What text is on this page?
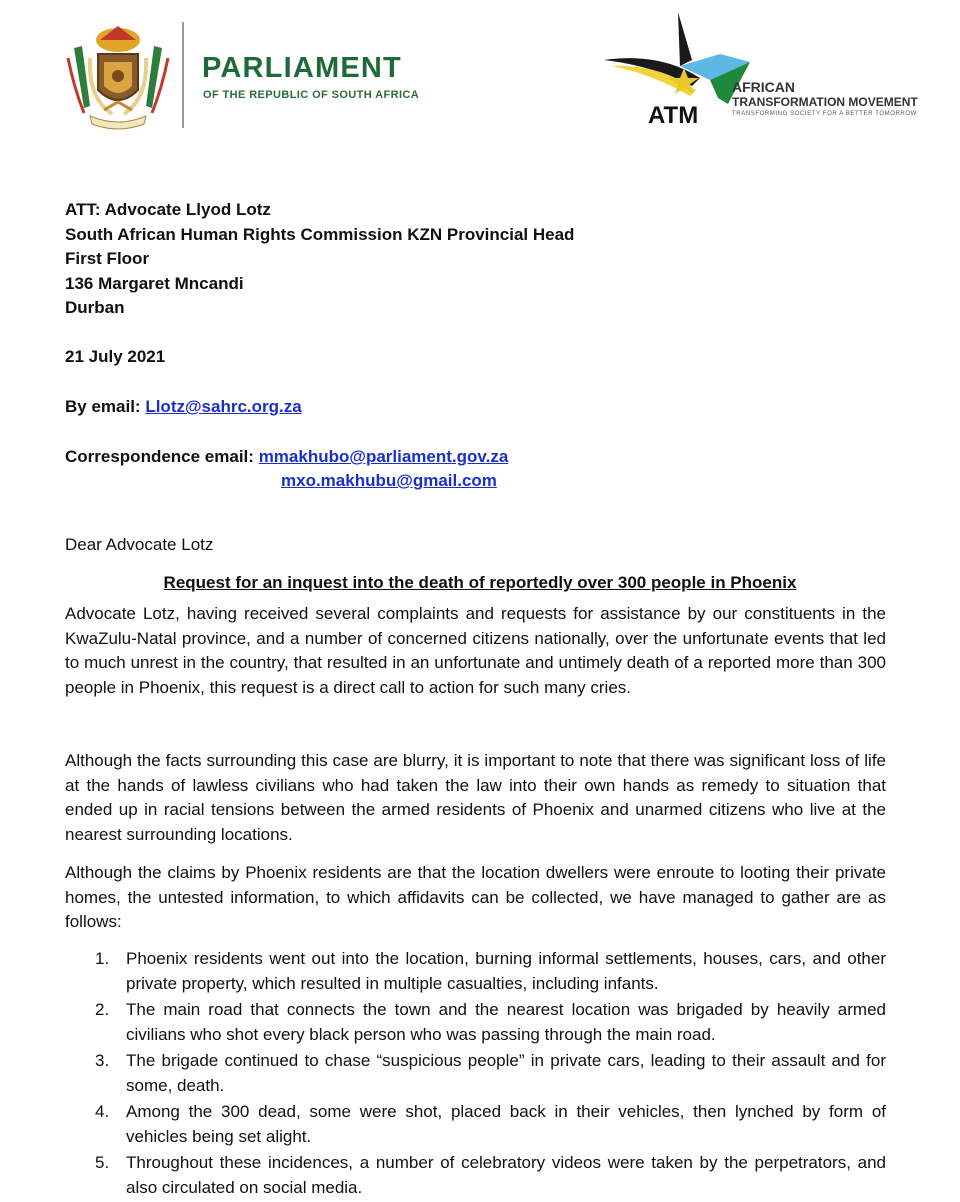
PARLIAMENT

OF THE REPUBLIC OF SOUTH AFRICA

ATM

AFRICAN

TRANSFORMATION MOVEMENT

TRANSFORMING SOCIETY FOR A BETTER TOMORROW

ATT: Advocate Llyod Lotz
South African Human Rights Commission KZN Provincial Head
First Floor
136 Margaret Mncandi
Durban
21 July 2021
By email: Llotz@sahrc.org.za
Correspondence email: mmakhubo@parliament.gov.za
mxo.makhubu@gmail.com
Dear Advocate Lotz
Request for an inquest into the death of reportedly over 300 people in Phoenix

Advocate Lotz, having received several complaints and requests for assistance by our constituents in the KwaZulu-Natal province, and a number of concerned citizens nationally, over the unfortunate events that led to much unrest in the country, that resulted in an unfortunate and untimely death of a reported more than 300 people in Phoenix, this request is a direct call to action for such many cries.

Although the facts surrounding this case are blurry, it is important to note that there was significant loss of life at the hands of lawless civilians who had taken the law into their own hands as remedy to situation that ended up in racial tensions between the armed residents of Phoenix and unarmed citizens who live at the nearest surrounding locations.

Although the claims by Phoenix residents are that the location dwellers were enroute to looting their private homes, the untested information, to which affidavits can be collected, we have managed to gather are as follows:

1. Phoenix residents went out into the location, burning informal settlements, houses, cars, and other private property, which resulted in multiple casualties, including infants.
2. The main road that connects the town and the nearest location was brigaded by heavily armed civilians who shot every black person who was passing through the main road.
3. The brigade continued to chase “suspicious people” in private cars, leading to their assault and for some, death.
4. Among the 300 dead, some were shot, placed back in their vehicles, then lynched by form of vehicles being set alight.
5. Throughout these incidences, a number of celebratory videos were taken by the perpetrators, and also circulated on social media.
